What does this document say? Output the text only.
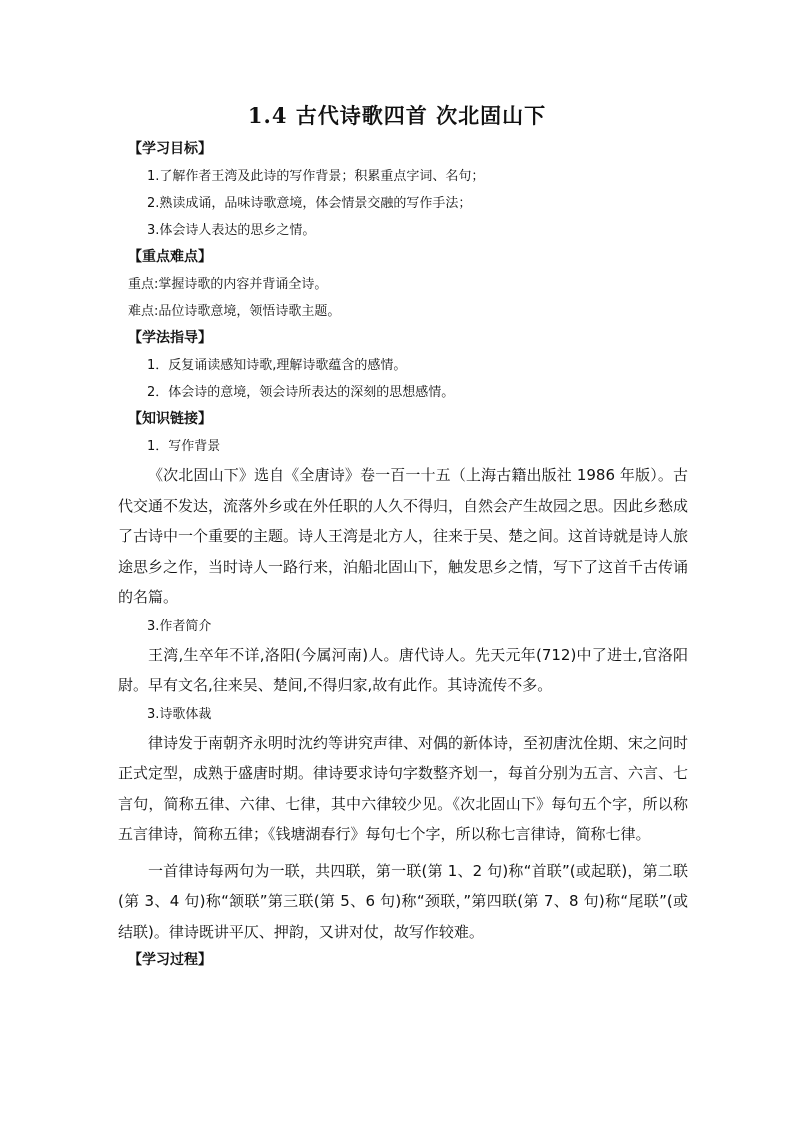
1.4 古代诗歌四首 次北固山下
【学习目标】
1.了解作者王湾及此诗的写作背景；积累重点字词、名句；
2.熟读成诵，品味诗歌意境，体会情景交融的写作手法；
3.体会诗人表达的思乡之情。
【重点难点】
重点:掌握诗歌的内容并背诵全诗。
难点:品位诗歌意境，领悟诗歌主题。
【学法指导】
1．反复诵读感知诗歌,理解诗歌蕴含的感情。
2．体会诗的意境，领会诗所表达的深刻的思想感情。
【知识链接】
1．写作背景

《次北固山下》选自《全唐诗》卷一百一十五（上海古籍出版社 1986 年版）。古代交通不发达，流落外乡或在外任职的人久不得归，自然会产生故园之思。因此乡愁成了古诗中一个重要的主题。诗人王湾是北方人，往来于吴、楚之间。这首诗就是诗人旅途思乡之作，当时诗人一路行来，泊船北固山下，触发思乡之情，写下了这首千古传诵的名篇。

3.作者简介

王湾,生卒年不详,洛阳(今属河南)人。唐代诗人。先天元年(712)中了进士,官洛阳尉。早有文名,往来吴、楚间,不得归家,故有此作。其诗流传不多。

3.诗歌体裁

律诗发于南朝齐永明时沈约等讲究声律、对偶的新体诗，至初唐沈佺期、宋之问时正式定型，成熟于盛唐时期。律诗要求诗句字数整齐划一，每首分别为五言、六言、七言句，简称五律、六律、七律，其中六律较少见。《次北固山下》每句五个字，所以称五言律诗，简称五律；《钱塘湖春行》每句七个字，所以称七言律诗，简称七律。

一首律诗每两句为一联，共四联，第一联(第 1、2 句)称“首联”(或起联)，第二联(第 3、4 句)称“颔联”第三联(第 5、6 句)称“颈联，”第四联(第 7、8 句)称“尾联”(或结联)。律诗既讲平仄、押韵，又讲对仗，故写作较难。

【学习过程】
